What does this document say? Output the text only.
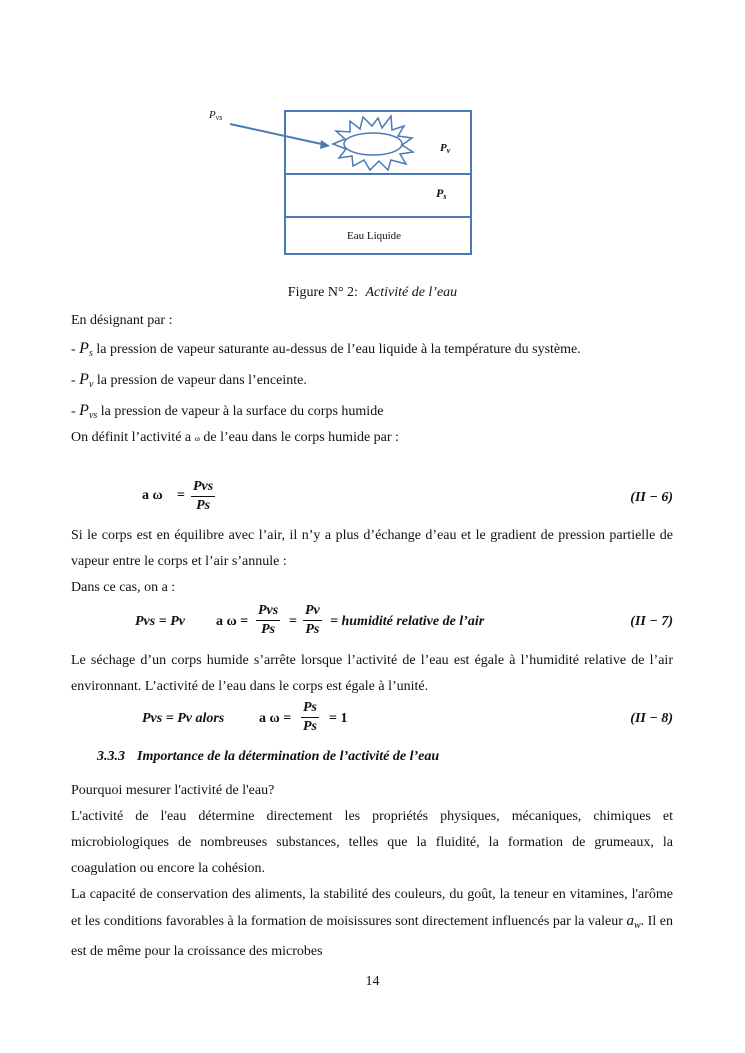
Pvs
Pv
Ps
Eau Liquide
Figure N° 2: Activité de l’eau

En désignant par :

- $P_s$ la pression de vapeur saturante au-dessus de l’eau liquide à la température du système.

- $P_v$ la pression de vapeur dans l’enceinte.

- $P_{vs}$ la pression de vapeur à la surface du corps humide

On définit l’activité a ω de l’eau dans le corps humide par :

a ω =
Pvs
Ps
(II − 6)

Si le corps est en équilibre avec l’air, il n’y a plus d’échange d’eau et le gradient de pression partielle de vapeur entre le corps et l’air s’annule :

Dans ce cas, on a :

Pvs = Pv a ω =
Pvs
Ps
= $\frac{Pv}{Ps}$ = humidité relative de l’air	(II − 7)

Le séchage d’un corps humide s’arrête lorsque l’activité de l’eau est égale à l’humidité relative de l’air environnant. L’activité de l’eau dans le corps est égale à l’unité.

Pvs = Pv alors a $\omega = \frac{Ps}{Ps} = 1$	(II − 8)
3.3.3 Importance de la détermination de l’activité de l’eau

Pourquoi mesurer l'activité de l'eau?

L'activité de l'eau détermine directement les propriétés physiques, mécaniques, chimiques et microbiologiques de nombreuses substances, telles que la fluidité, la formation de grumeaux, la coagulation ou encore la cohésion.

La capacité de conservation des aliments, la stabilité des couleurs, du goût, la teneur en vitamines, l'arôme et les conditions favorables à la formation de moisissures sont directement influencés par la valeur $a_w$. Il en est de même pour la croissance des microbes

14
